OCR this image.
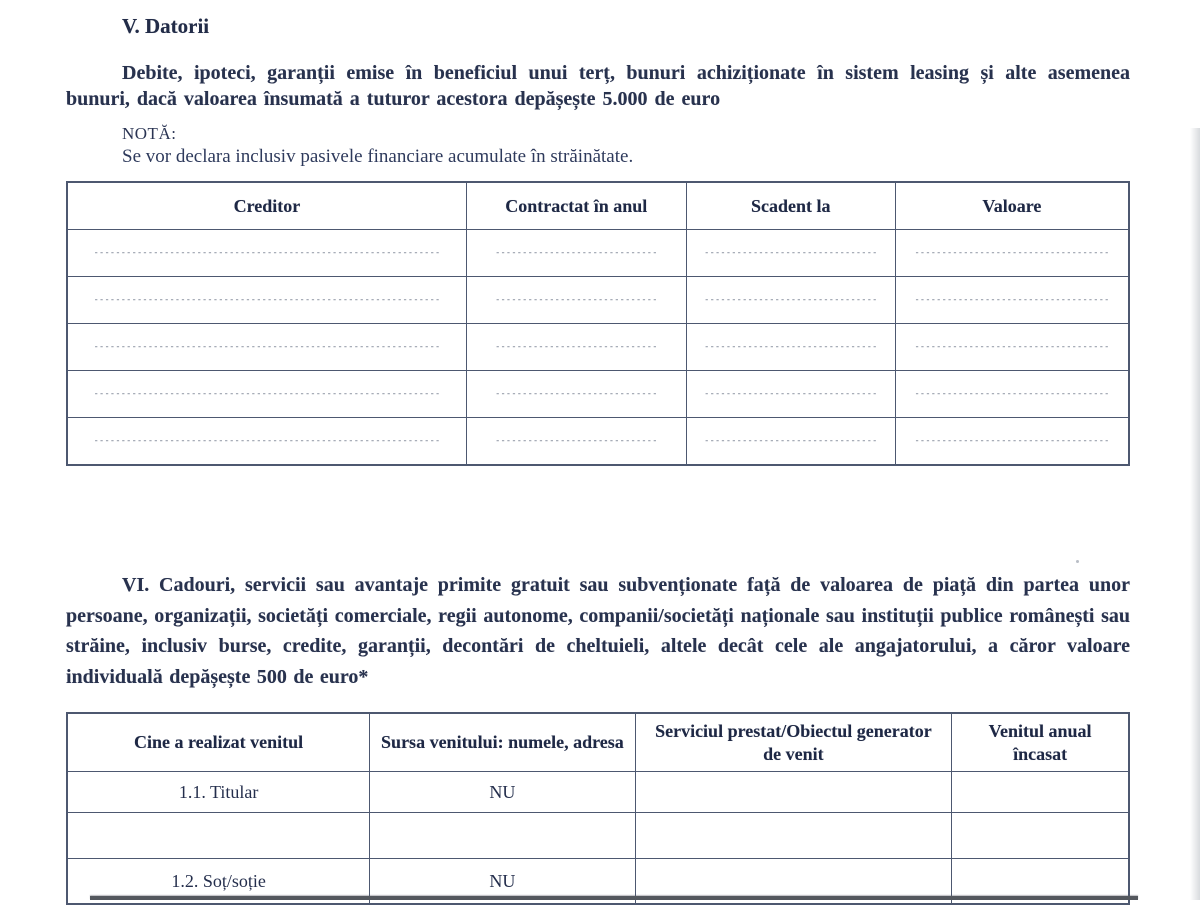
V. Datorii
Debite, ipoteci, garanții emise în beneficiul unui terț, bunuri achiziționate în sistem leasing și alte asemenea bunuri, dacă valoarea însumată a tuturor acestora depășește 5.000 de euro
NOTĂ:
Se vor declara inclusiv pasivele financiare acumulate în străinătate.
Creditor	Contractat în anul	Scadent la	Valoare
----------------------------------------------------------------	------------------------------	--------------------------------	------------------------------------
----------------------------------------------------------------	------------------------------	--------------------------------	------------------------------------
----------------------------------------------------------------	------------------------------	--------------------------------	------------------------------------
----------------------------------------------------------------	------------------------------	--------------------------------	------------------------------------
----------------------------------------------------------------	------------------------------	--------------------------------	------------------------------------
VI. Cadouri, servicii sau avantaje primite gratuit sau subvenționate față de valoarea de piață din partea unor persoane, organizații, societăți comerciale, regii autonome, companii/societăți naționale sau instituții publice românești sau străine, inclusiv burse, credite, garanții, decontări de cheltuieli, altele decât cele ale angajatorului, a căror valoare individuală depășește 500 de euro*
Cine a realizat venitul	Sursa venitului: numele, adresa	Serviciul prestat/Obiectul generator de venit	Venitul anual încasat
1.1. Titular	NU		

1.2. Soț/soție	NU		
